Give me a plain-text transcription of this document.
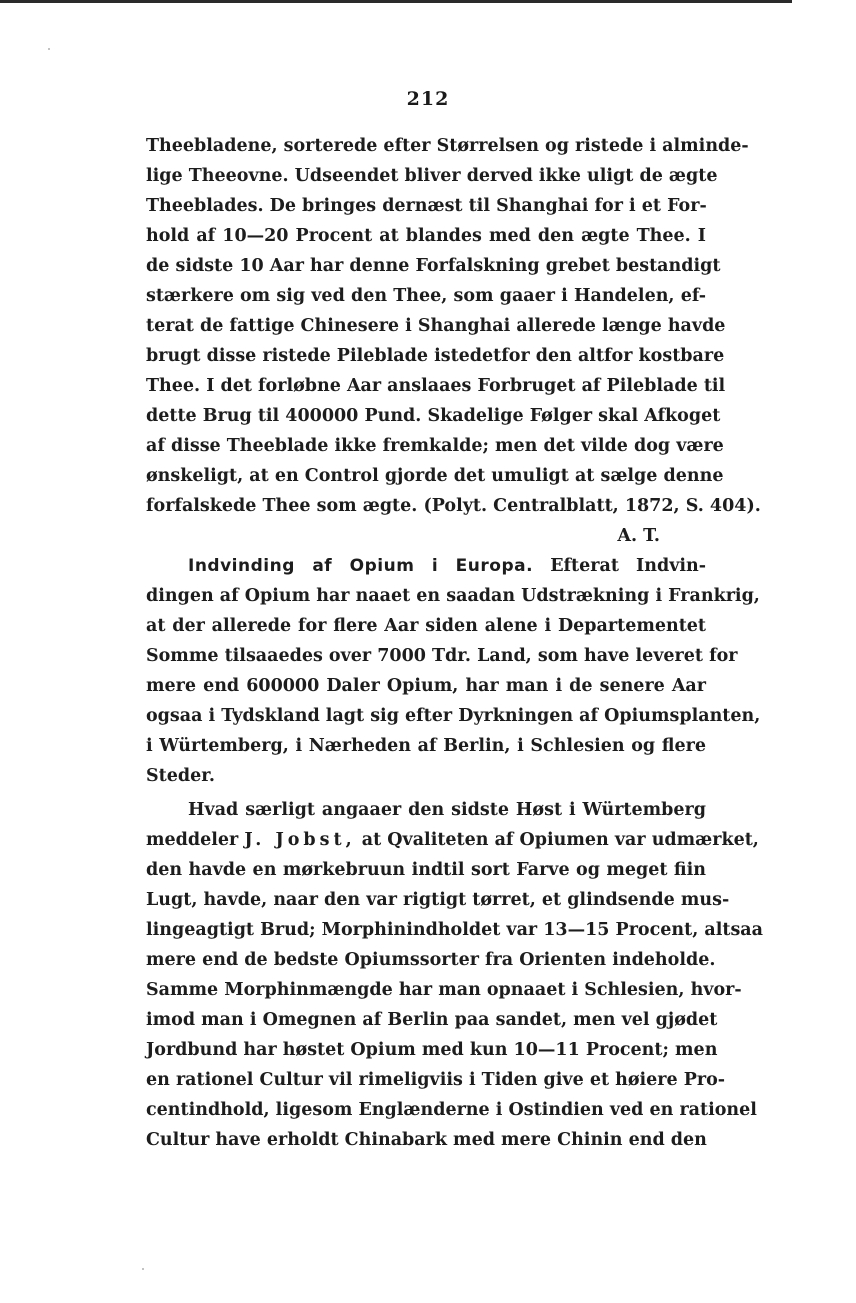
212
Theebladene, sorterede efter Størrelsen og ristede i alminde-
lige Theeovne. Udseendet bliver derved ikke uligt de ægte
Theeblades. De bringes dernæst til Shanghai for i et For-
hold af 10—20 Procent at blandes med den ægte Thee. I
de sidste 10 Aar har denne Forfalskning grebet bestandigt
stærkere om sig ved den Thee, som gaaer i Handelen, ef-
terat de fattige Chinesere i Shanghai allerede længe havde
brugt disse ristede Pileblade istedetfor den altfor kostbare
Thee. I det forløbne Aar anslaaes Forbruget af Pileblade til
dette Brug til 400000 Pund. Skadelige Følger skal Afkoget
af disse Theeblade ikke fremkalde; men det vilde dog være
ønskeligt, at en Control gjorde det umuligt at sælge denne
forfalskede Thee som ægte. (Polyt. Centralblatt, 1872, S. 404).
A. T.
Indvinding af Opium i Europa. Efterat Indvin-
dingen af Opium har naaet en saadan Udstrækning i Frankrig,
at der allerede for flere Aar siden alene i Departementet
Somme tilsaaedes over 7000 Tdr. Land, som have leveret for
mere end 600000 Daler Opium, har man i de senere Aar
ogsaa i Tydskland lagt sig efter Dyrkningen af Opiumsplanten,
i Würtemberg, i Nærheden af Berlin, i Schlesien og flere
Steder.
Hvad særligt angaaer den sidste Høst i Würtemberg
meddeler J. Jobst, at Qvaliteten af Opiumen var udmærket,
den havde en mørkebruun indtil sort Farve og meget fiin
Lugt, havde, naar den var rigtigt tørret, et glindsende mus-
lingeagtigt Brud; Morphinindholdet var 13—15 Procent, altsaa
mere end de bedste Opiumssorter fra Orienten indeholde.
Samme Morphinmængde har man opnaaet i Schlesien, hvor-
imod man i Omegnen af Berlin paa sandet, men vel gjødet
Jordbund har høstet Opium med kun 10—11 Procent; men
en rationel Cultur vil rimeligviis i Tiden give et høiere Pro-
centindhold, ligesom Englænderne i Ostindien ved en rationel
Cultur have erholdt Chinabark med mere Chinin end den
